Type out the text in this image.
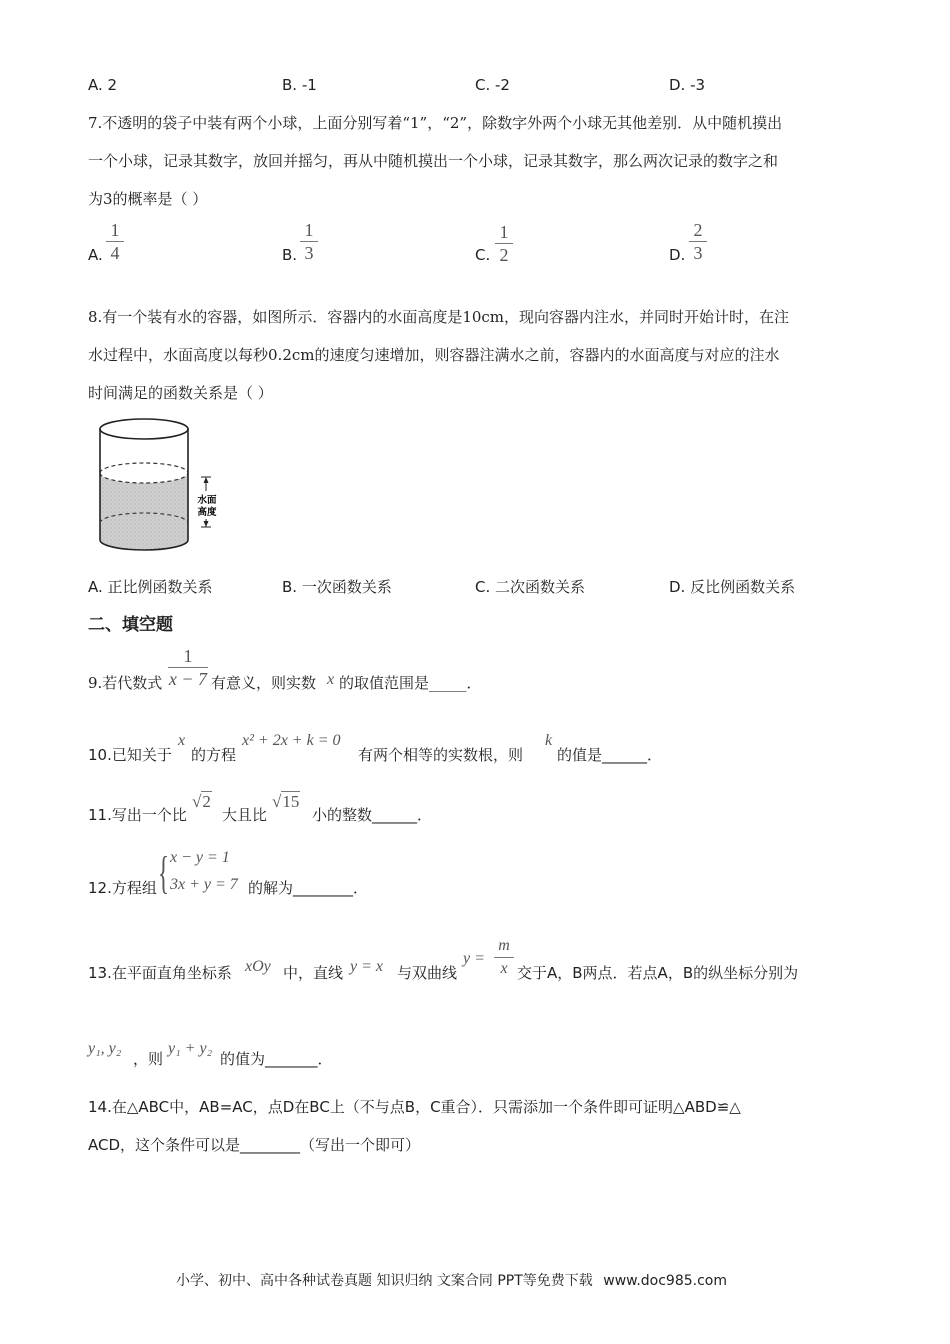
A. 2	B. -1	C. -2	D. -3
7.不透明的袋子中装有两个小球，上面分别写着“1”，“2”，除数字外两个小球无其他差别．从中随机摸出
一个小球，记录其数字，放回并摇匀，再从中随机摸出一个小球，记录其数字，那么两次记录的数字之和
为3的概率是（ ）
A.
1
4	B.
1
3	C.
1
2	D.
2
3
8.有一个装有水的容器，如图所示．容器内的水面高度是10cm，现向容器内注水，并同时开始计时，在注
水过程中，水面高度以每秒0.2cm的速度匀速增加，则容器注满水之前，容器内的水面高度与对应的注水
时间满足的函数关系是（ ）
水面
高度
A. 正比例函数关系	B. 一次函数关系	C. 二次函数关系	D. 反比例函数关系
二、填空题
9.若代数式
1
x − 7 有意义，则实数 x 的取值范围是_____．
10.已知关于
x
的方程
x² + 2x + k = 0
有两个相等的实数根，则
k
的值是______．
11.写出一个比
√2
大且比
√15
小的整数______．
12.方程组 { x − y = 1
3x + y = 7 的解为________．
13.在平面直角坐标系 xOy 中，直线 y = x 与双曲线
y =
m
x 交于A，B两点．若点A，B的纵坐标分别为
y₁, y₂
，则
y₁ + y₂
的值为_______．
14.在△ABC中，AB=AC，点D在BC上（不与点B，C重合）．只需添加一个条件即可证明△ABD≌△
ACD，这个条件可以是________（写出一个即可）
小学、初中、高中各种试卷真题 知识归纳 文案合同 PPT等免费下载 www.doc985.com
